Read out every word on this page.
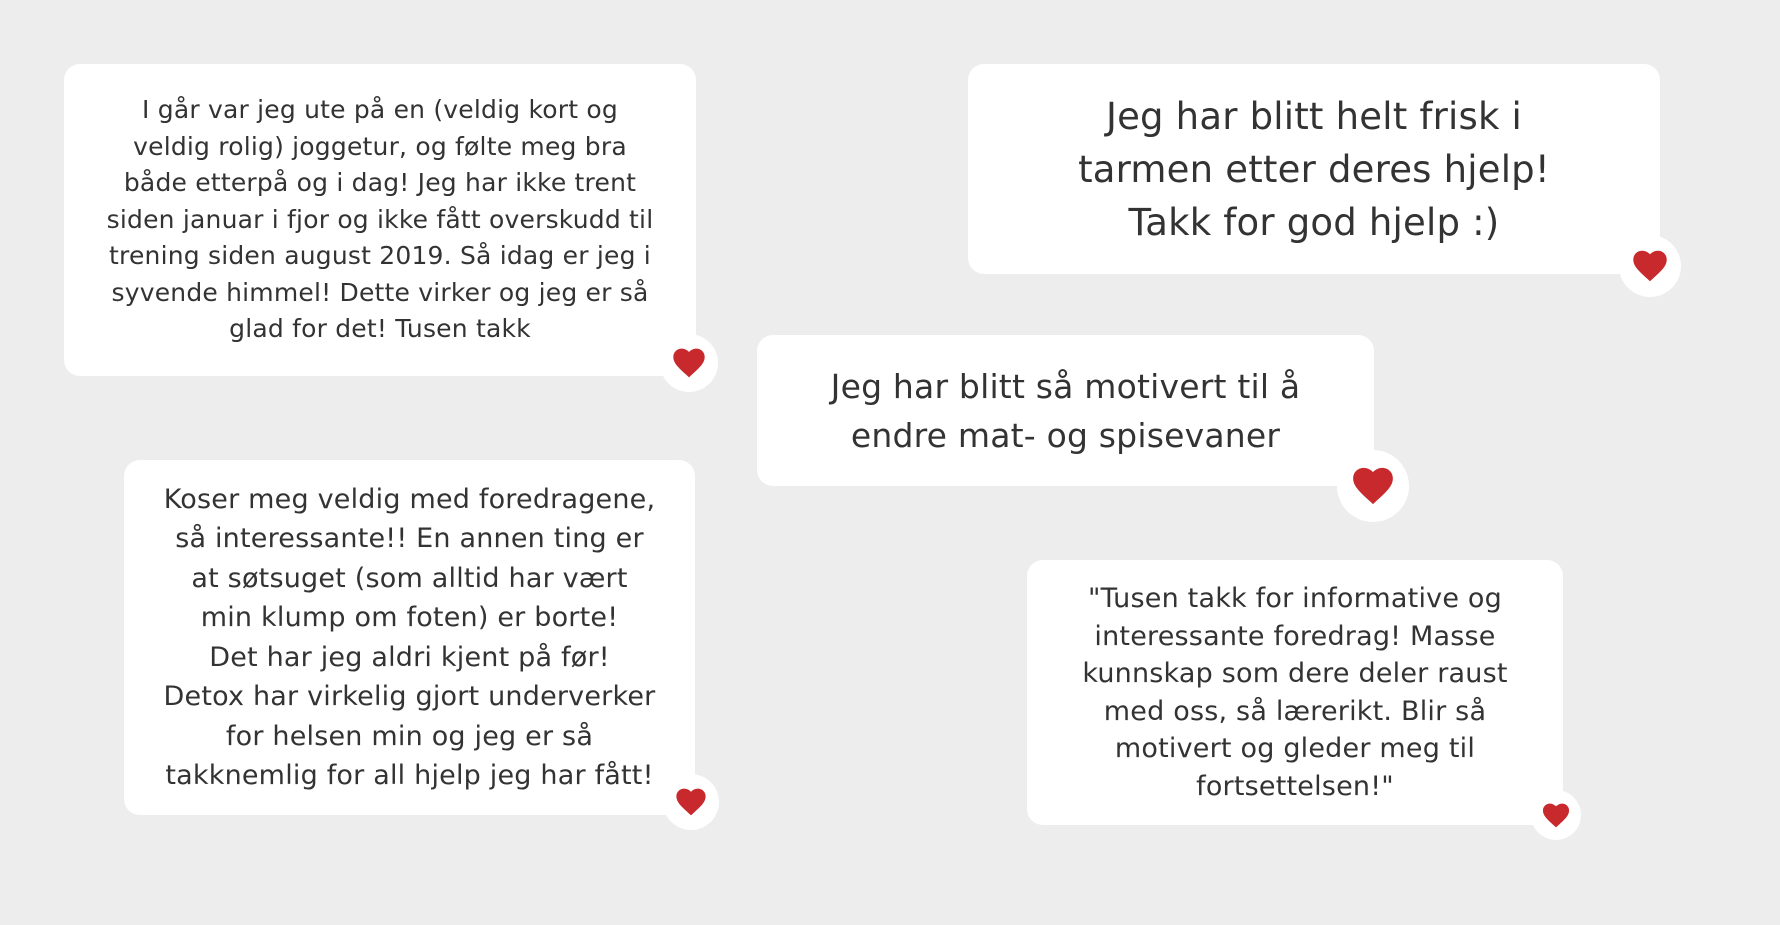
I går var jeg ute på en (veldig kort og
veldig rolig) joggetur, og følte meg bra
både etterpå og i dag! Jeg har ikke trent
siden januar i fjor og ikke fått overskudd til
trening siden august 2019. Så idag er jeg i
syvende himmel! Dette virker og jeg er så
glad for det! Tusen takk

Jeg har blitt helt frisk i
tarmen etter deres hjelp!
Takk for god hjelp :)

Jeg har blitt så motivert til å
endre mat- og spisevaner

Koser meg veldig med foredragene,
så interessante!! En annen ting er
at søtsuget (som alltid har vært
min klump om foten) er borte!
Det har jeg aldri kjent på før!
Detox har virkelig gjort underverker
for helsen min og jeg er så
takknemlig for all hjelp jeg har fått!

"Tusen takk for informative og
interessante foredrag! Masse
kunnskap som dere deler raust
med oss, så lærerikt. Blir så
motivert og gleder meg til
fortsettelsen!"
